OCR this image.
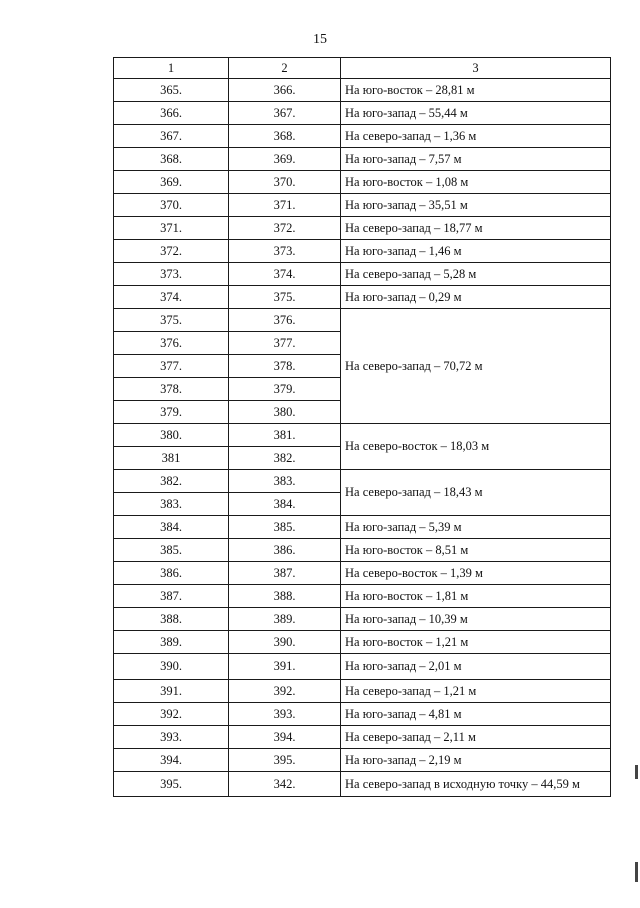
15
1	2	3
365.	366.	На юго-восток – 28,81 м
366.	367.	На юго-запад – 55,44 м
367.	368.	На северо-запад – 1,36 м
368.	369.	На юго-запад – 7,57 м
369.	370.	На юго-восток – 1,08 м
370.	371.	На юго-запад – 35,51 м
371.	372.	На северо-запад – 18,77 м
372.	373.	На юго-запад – 1,46 м
373.	374.	На северо-запад – 5,28 м
374.	375.	На юго-запад – 0,29 м
375.	376.	На северо-запад – 70,72 м
376.	377.	
377.	378.	
378.	379.	
379.	380.	
380.	381.	На северо-восток – 18,03 м
381	382.	
382.	383.	На северо-запад – 18,43 м
383.	384.	
384.	385.	На юго-запад – 5,39 м
385.	386.	На юго-восток – 8,51 м
386.	387.	На северо-восток – 1,39 м
387.	388.	На юго-восток – 1,81 м
388.	389.	На юго-запад – 10,39 м
389.	390.	На юго-восток – 1,21 м
390.	391.	На юго-запад – 2,01 м
391.	392.	На северо-запад – 1,21 м
392.	393.	На юго-запад – 4,81 м
393.	394.	На северо-запад – 2,11 м
394.	395.	На юго-запад – 2,19 м
395.	342.	На северо-запад в исходную точку – 44,59 м
